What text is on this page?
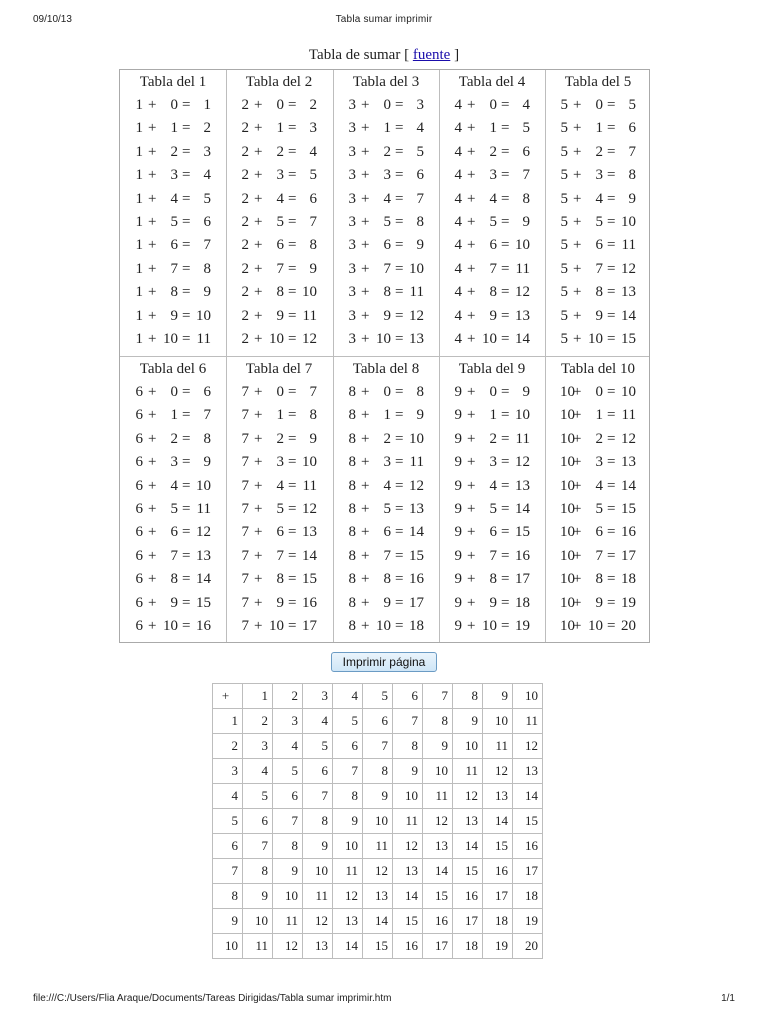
09/10/13	Tabla sumar imprimir
Tabla de sumar [ fuente ]
Tabla del 1
1 + 0 = 1
1 + 1 = 2
1 + 2 = 3
1 + 3 = 4
1 + 4 = 5
1 + 5 = 6
1 + 6 = 7
1 + 7 = 8
1 + 8 = 9
1 + 9 = 10
1 + 10 = 11
Tabla del 2
2 + 0 = 2
2 + 1 = 3
2 + 2 = 4
2 + 3 = 5
2 + 4 = 6
2 + 5 = 7
2 + 6 = 8
2 + 7 = 9
2 + 8 = 10
2 + 9 = 11
2 + 10 = 12
Tabla del 3
3 + 0 = 3
3 + 1 = 4
3 + 2 = 5
3 + 3 = 6
3 + 4 = 7
3 + 5 = 8
3 + 6 = 9
3 + 7 = 10
3 + 8 = 11
3 + 9 = 12
3 + 10 = 13
Tabla del 4
4 + 0 = 4
4 + 1 = 5
4 + 2 = 6
4 + 3 = 7
4 + 4 = 8
4 + 5 = 9
4 + 6 = 10
4 + 7 = 11
4 + 8 = 12
4 + 9 = 13
4 + 10 = 14
Tabla del 5
5 + 0 = 5
5 + 1 = 6
5 + 2 = 7
5 + 3 = 8
5 + 4 = 9
5 + 5 = 10
5 + 6 = 11
5 + 7 = 12
5 + 8 = 13
5 + 9 = 14
5 + 10 = 15
Tabla del 6
6 + 0 = 6
6 + 1 = 7
6 + 2 = 8
6 + 3 = 9
6 + 4 = 10
6 + 5 = 11
6 + 6 = 12
6 + 7 = 13
6 + 8 = 14
6 + 9 = 15
6 + 10 = 16
Tabla del 7
7 + 0 = 7
7 + 1 = 8
7 + 2 = 9
7 + 3 = 10
7 + 4 = 11
7 + 5 = 12
7 + 6 = 13
7 + 7 = 14
7 + 8 = 15
7 + 9 = 16
7 + 10 = 17
Tabla del 8
8 + 0 = 8
8 + 1 = 9
8 + 2 = 10
8 + 3 = 11
8 + 4 = 12
8 + 5 = 13
8 + 6 = 14
8 + 7 = 15
8 + 8 = 16
8 + 9 = 17
8 + 10 = 18
Tabla del 9
9 + 0 = 9
9 + 1 = 10
9 + 2 = 11
9 + 3 = 12
9 + 4 = 13
9 + 5 = 14
9 + 6 = 15
9 + 7 = 16
9 + 8 = 17
9 + 9 = 18
9 + 10 = 19
Tabla del 10
10
+ 0 = 10
10
+ 1 = 11
10
+ 2 = 12
10
+ 3 = 13
10
+ 4 = 14
10
+ 5 = 15
10
+ 6 = 16
10
+ 7 = 17
10
+ 8 = 18
10
+ 9 = 19
10
+ 10 = 20
Imprimir página
+	1	2	3	4	5	6	7	8	9	10
1	2	3	4	5	6	7	8	9	10	11
2	3	4	5	6	7	8	9	10	11	12
3	4	5	6	7	8	9	10	11	12	13
4	5	6	7	8	9	10	11	12	13	14
5	6	7	8	9	10	11	12	13	14	15
6	7	8	9	10	11	12	13	14	15	16
7	8	9	10	11	12	13	14	15	16	17
8	9	10	11	12	13	14	15	16	17	18
9	10	11	12	13	14	15	16	17	18	19
10	11	12	13	14	15	16	17	18	19	20
file:///C:/Users/Flia Araque/Documents/Tareas Dirigidas/Tabla sumar imprimir.htm	1/1
